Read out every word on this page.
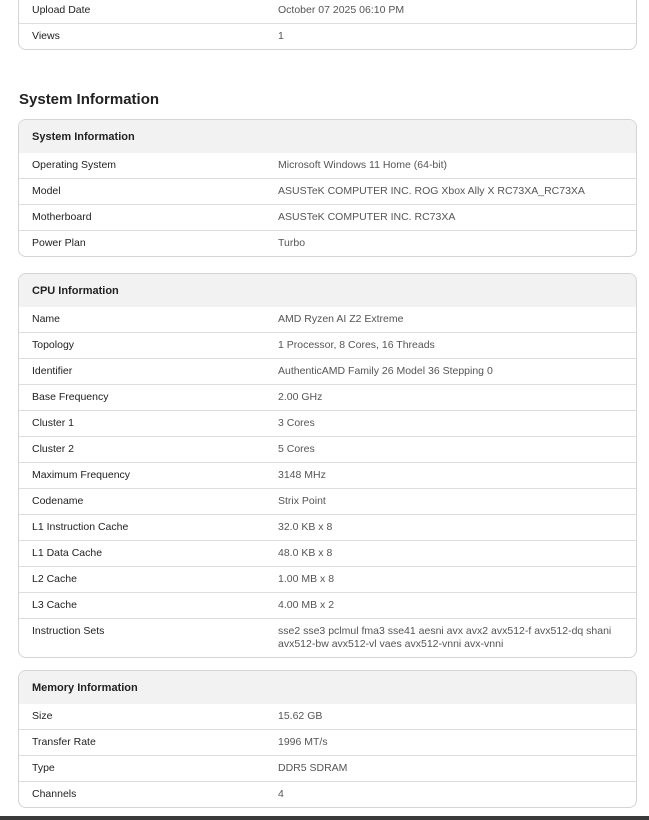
Upload Date	October 07 2025 06:10 PM
Views	1
System Information
System Information
Operating System	Microsoft Windows 11 Home (64-bit)
Model	ASUSTeK COMPUTER INC. ROG Xbox Ally X RC73XA_RC73XA
Motherboard	ASUSTeK COMPUTER INC. RC73XA
Power Plan	Turbo
CPU Information
Name	AMD Ryzen AI Z2 Extreme
Topology	1 Processor, 8 Cores, 16 Threads
Identifier	AuthenticAMD Family 26 Model 36 Stepping 0
Base Frequency	2.00 GHz
Cluster 1	3 Cores
Cluster 2	5 Cores
Maximum Frequency	3148 MHz
Codename	Strix Point
L1 Instruction Cache	32.0 KB x 8
L1 Data Cache	48.0 KB x 8
L2 Cache	1.00 MB x 8
L3 Cache	4.00 MB x 2
Instruction Sets	sse2 sse3 pclmul fma3 sse41 aesni avx avx2 avx512-f avx512-dq shani avx512-bw avx512-vl vaes avx512-vnni avx-vnni
Memory Information
Size	15.62 GB
Transfer Rate	1996 MT/s
Type	DDR5 SDRAM
Channels	4
